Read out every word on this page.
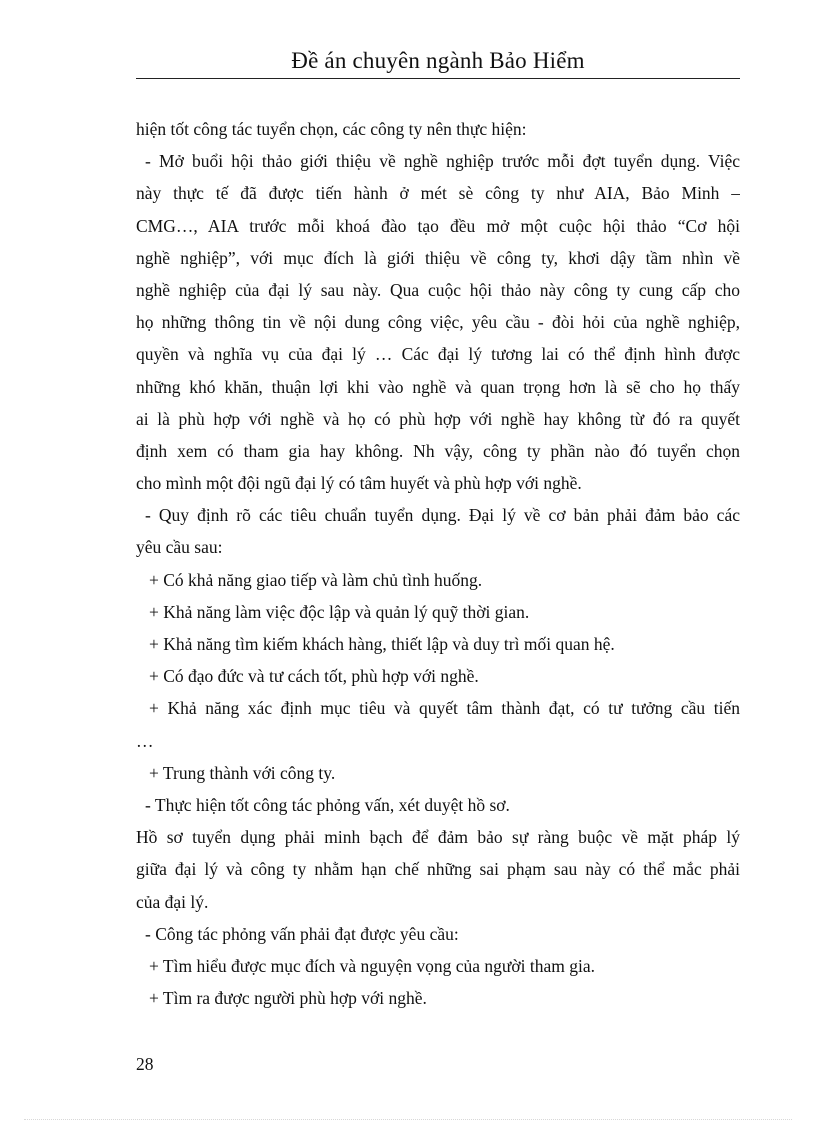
Đề án chuyên ngành Bảo Hiểm
hiện tốt công tác tuyển chọn, các công ty nên thực hiện:
- Mở buổi hội thảo giới thiệu về nghề nghiệp trước mỗi đợt tuyển dụng. Việc
này thực tế đã được tiến hành ở mét sè công ty như AIA, Bảo Minh –
CMG…, AIA trước mỗi khoá đào tạo đều mở một cuộc hội thảo “Cơ hội
nghề nghiệp”, với mục đích là giới thiệu về công ty, khơi dậy tầm nhìn về
nghề nghiệp của đại lý sau này. Qua cuộc hội thảo này công ty cung cấp cho
họ những thông tin về nội dung công việc, yêu cầu - đòi hỏi của nghề nghiệp,
quyền và nghĩa vụ của đại lý … Các đại lý tương lai có thể định hình được
những khó khăn, thuận lợi khi vào nghề và quan trọng hơn là sẽ cho họ thấy
ai là phù hợp với nghề và họ có phù hợp với nghề hay không từ đó ra quyết
định xem có tham gia hay không. Nh vậy, công ty phần nào đó tuyển chọn
cho mình một đội ngũ đại lý có tâm huyết và phù hợp với nghề.
- Quy định rõ các tiêu chuẩn tuyển dụng. Đại lý về cơ bản phải đảm bảo các
yêu cầu sau:
+ Có khả năng giao tiếp và làm chủ tình huống.
+ Khả năng làm việc độc lập và quản lý quỹ thời gian.
+ Khả năng tìm kiếm khách hàng, thiết lập và duy trì mối quan hệ.
+ Có đạo đức và tư cách tốt, phù hợp với nghề.
+ Khả năng xác định mục tiêu và quyết tâm thành đạt, có tư tưởng cầu tiến
…
+ Trung thành với công ty.
- Thực hiện tốt công tác phỏng vấn, xét duyệt hồ sơ.
Hồ sơ tuyển dụng phải minh bạch để đảm bảo sự ràng buộc về mặt pháp lý
giữa đại lý và công ty nhằm hạn chế những sai phạm sau này có thể mắc phải
của đại lý.
- Công tác phỏng vấn phải đạt được yêu cầu:
+ Tìm hiểu được mục đích và nguyện vọng của người tham gia.
+ Tìm ra được người phù hợp với nghề.
28
